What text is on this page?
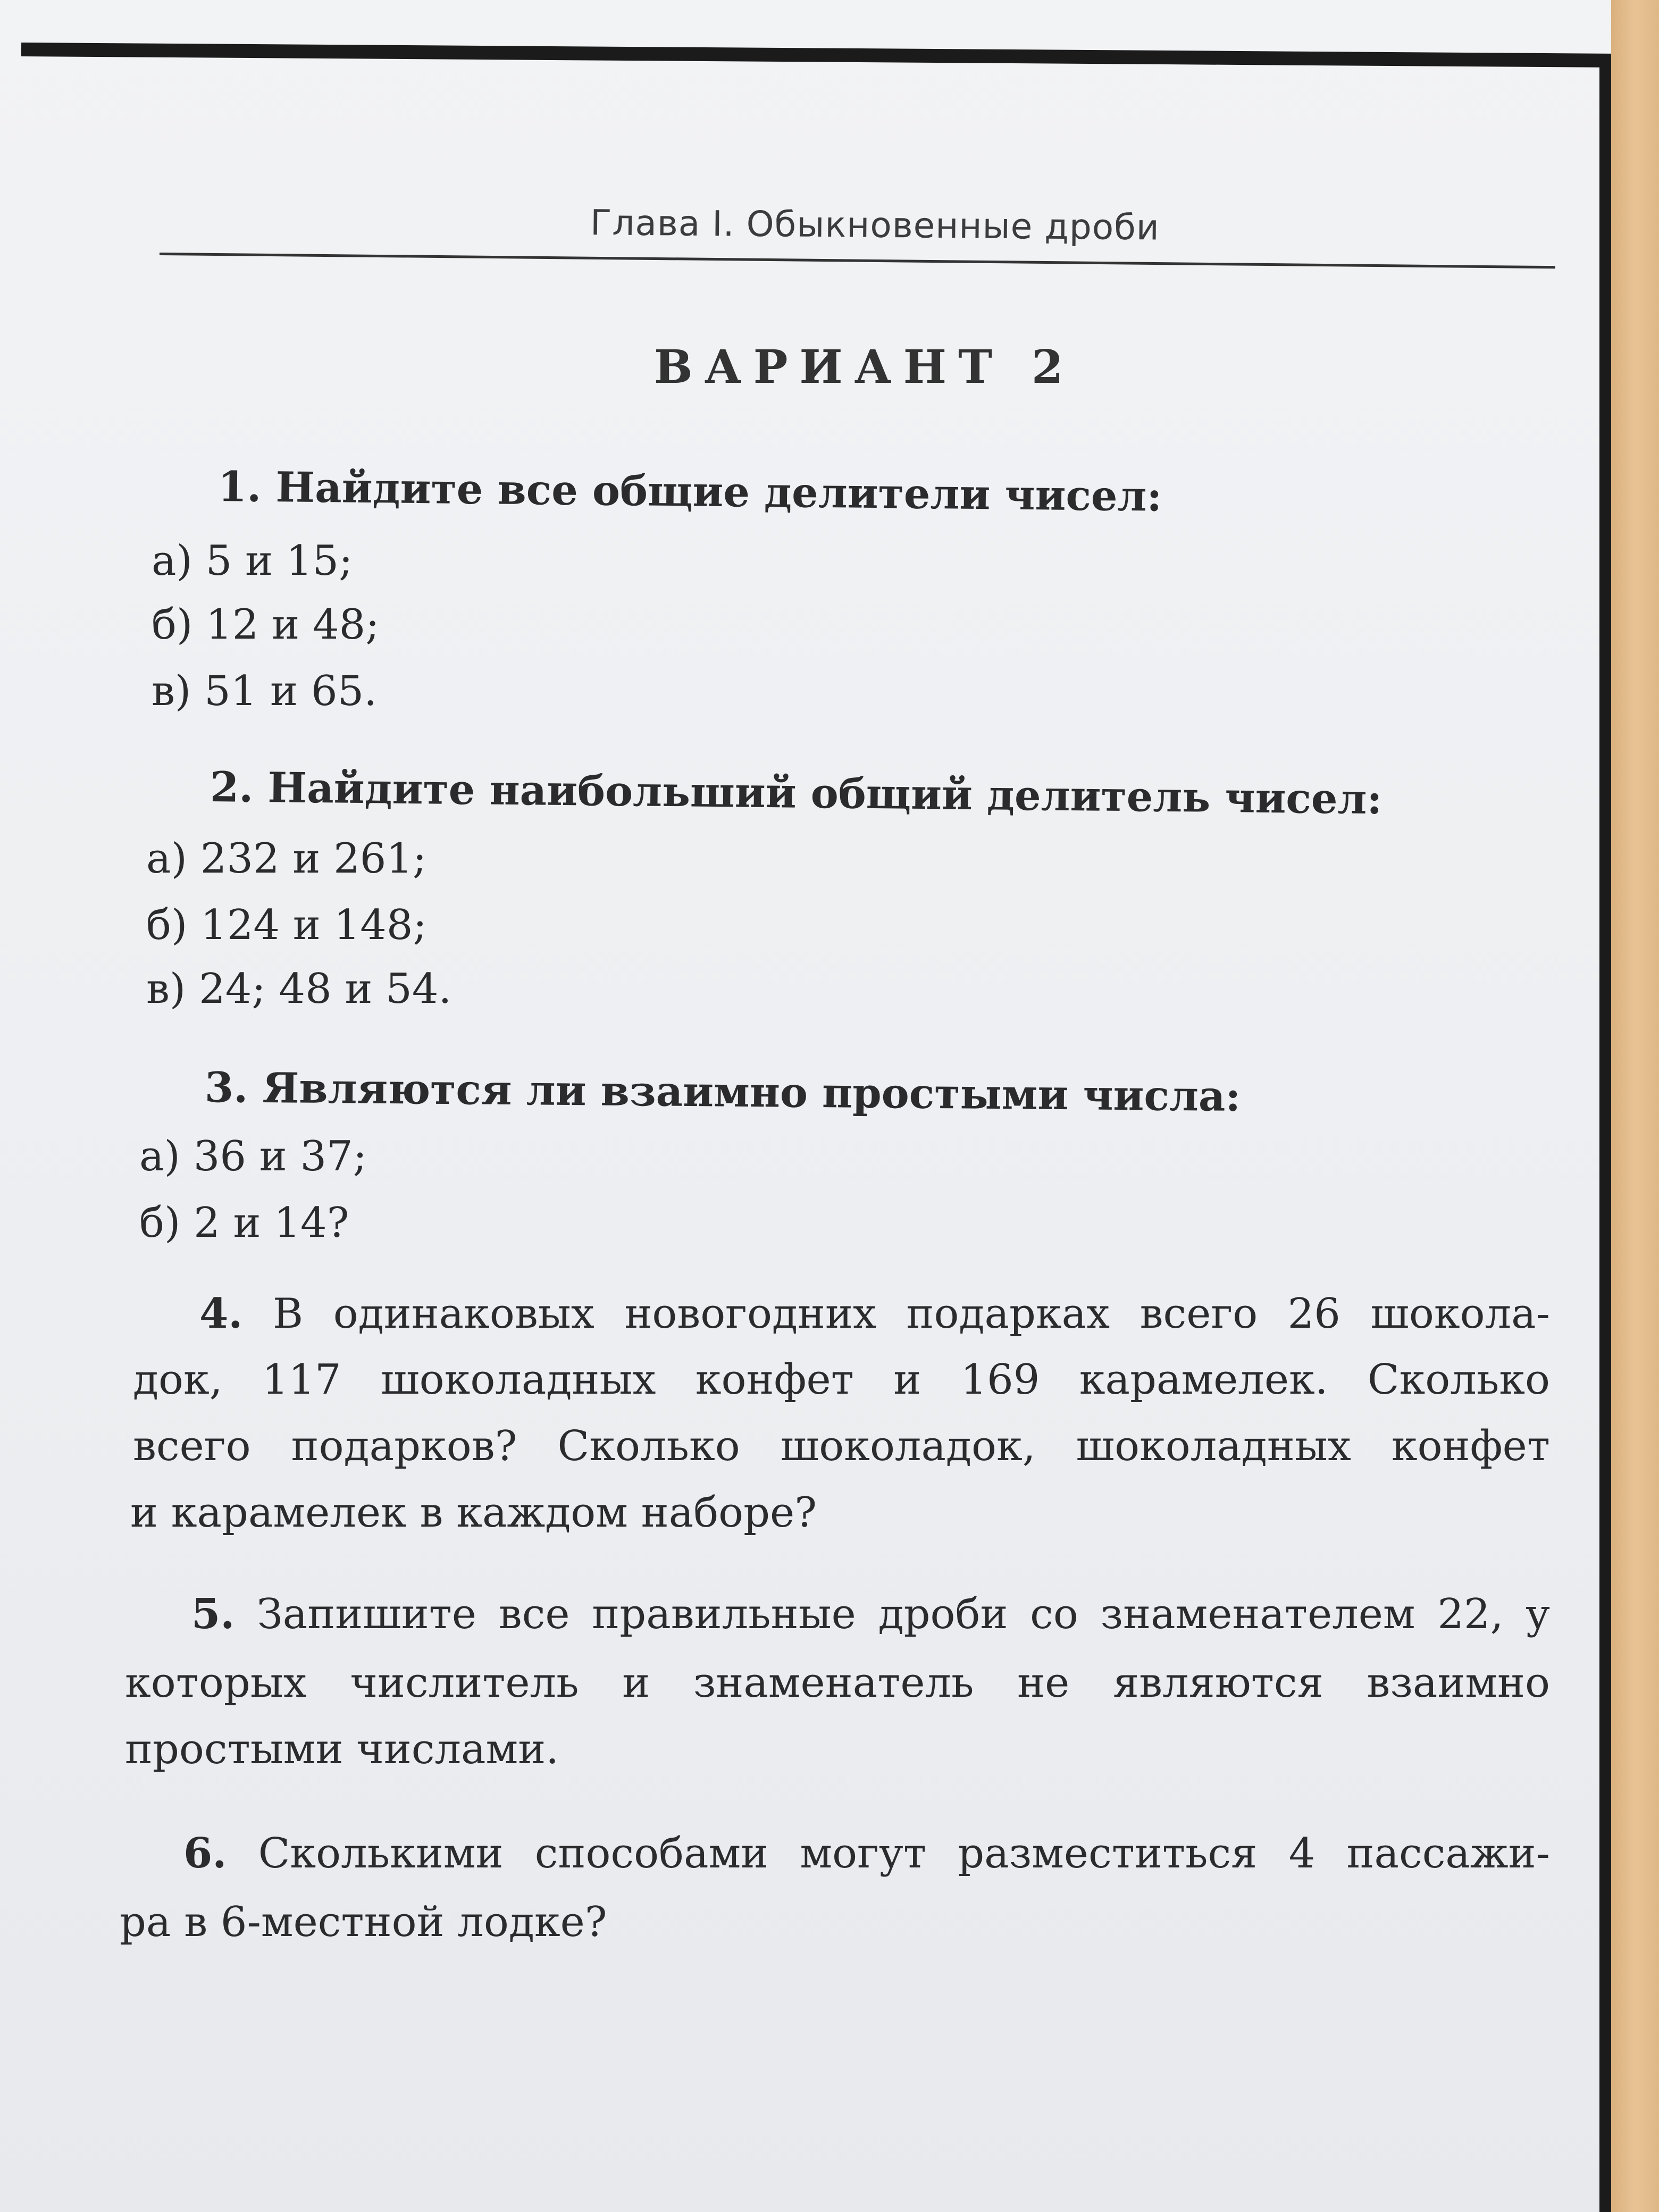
Глава I. Обыкновенные дроби
ВАРИАНТ 2
1. Найдите все общие делители чисел:
а) 5 и 15;
б) 12 и 48;
в) 51 и 65.
2. Найдите наибольший общий делитель чисел:
а) 232 и 261;
б) 124 и 148;
в) 24; 48 и 54.
3. Являются ли взаимно простыми числа:
а) 36 и 37;
б) 2 и 14?
4. В одинаковых новогодних подарках всего 26 шокола-
док, 117 шоколадных конфет и 169 карамелек. Сколько
всего подарков? Сколько шоколадок, шоколадных конфет
и карамелек в каждом наборе?
5. Запишите все правильные дроби со знаменателем 22, у
которых числитель и знаменатель не являются взаимно
простыми числами.
6. Сколькими способами могут разместиться 4 пассажи-
ра в 6-местной лодке?
